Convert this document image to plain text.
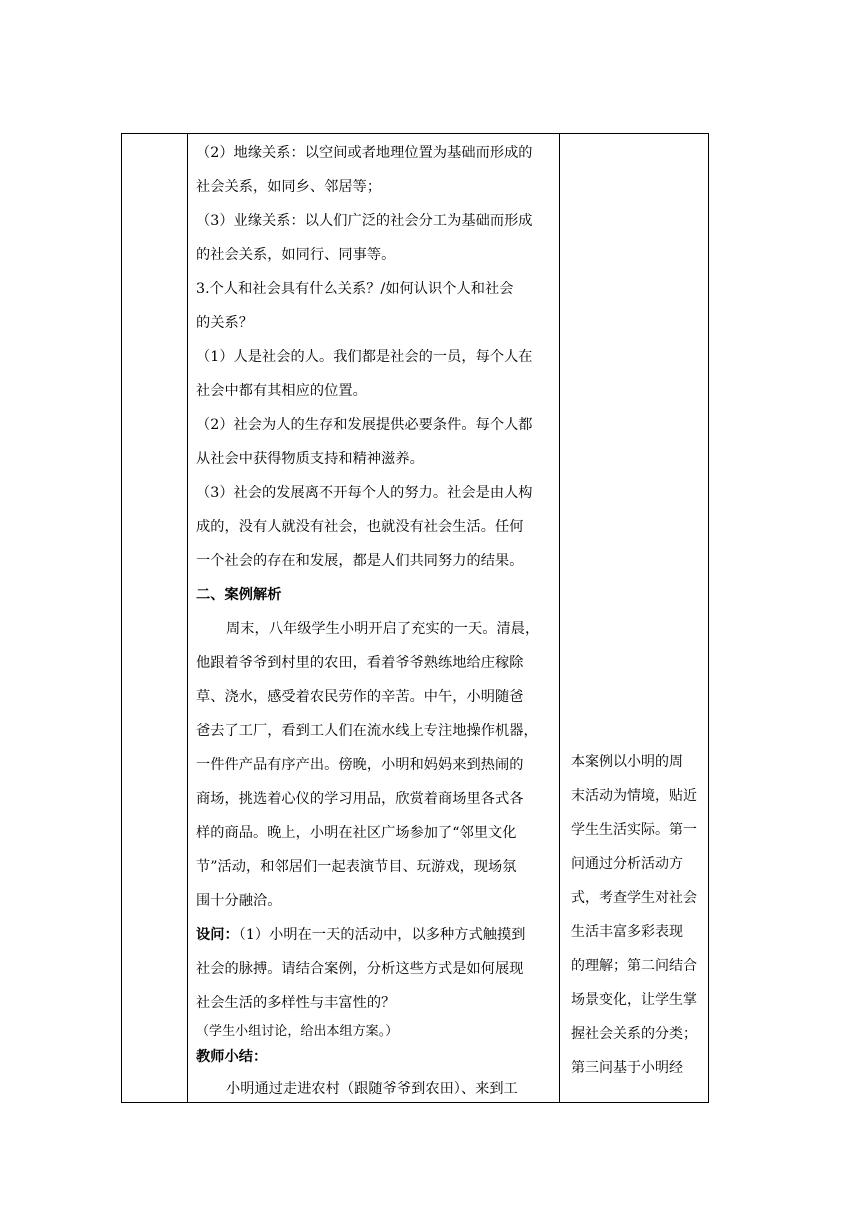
（2）地缘关系：以空间或者地理位置为基础而形成的
社会关系，如同乡、邻居等；
（3）业缘关系：以人们广泛的社会分工为基础而形成
的社会关系，如同行、同事等。
3.个人和社会具有什么关系？/如何认识个人和社会
的关系？
（1）人是社会的人。我们都是社会的一员，每个人在
社会中都有其相应的位置。
（2）社会为人的生存和发展提供必要条件。每个人都
从社会中获得物质支持和精神滋养。
（3）社会的发展离不开每个人的努力。社会是由人构
成的，没有人就没有社会，也就没有社会生活。任何
一个社会的存在和发展，都是人们共同努力的结果。
二、案例解析
周末，八年级学生小明开启了充实的一天。清晨，
他跟着爷爷到村里的农田，看着爷爷熟练地给庄稼除
草、浇水，感受着农民劳作的辛苦。中午，小明随爸
爸去了工厂，看到工人们在流水线上专注地操作机器，
一件件产品有序产出。傍晚，小明和妈妈来到热闹的
商场，挑选着心仪的学习用品，欣赏着商场里各式各
样的商品。晚上，小明在社区广场参加了“邻里文化
节”活动，和邻居们一起表演节目、玩游戏，现场氛
围十分融洽。
设问：（1）小明在一天的活动中，以多种方式触摸到
社会的脉搏。请结合案例，分析这些方式是如何展现
社会生活的多样性与丰富性的？
（学生小组讨论，给出本组方案。）
教师小结：
小明通过走进农村（跟随爷爷到农田）、来到工
本案例以小明的周
末活动为情境，贴近
学生生活实际。第一
问通过分析活动方
式，考查学生对社会
生活丰富多彩表现
的理解；第二问结合
场景变化，让学生掌
握社会关系的分类；
第三问基于小明经
